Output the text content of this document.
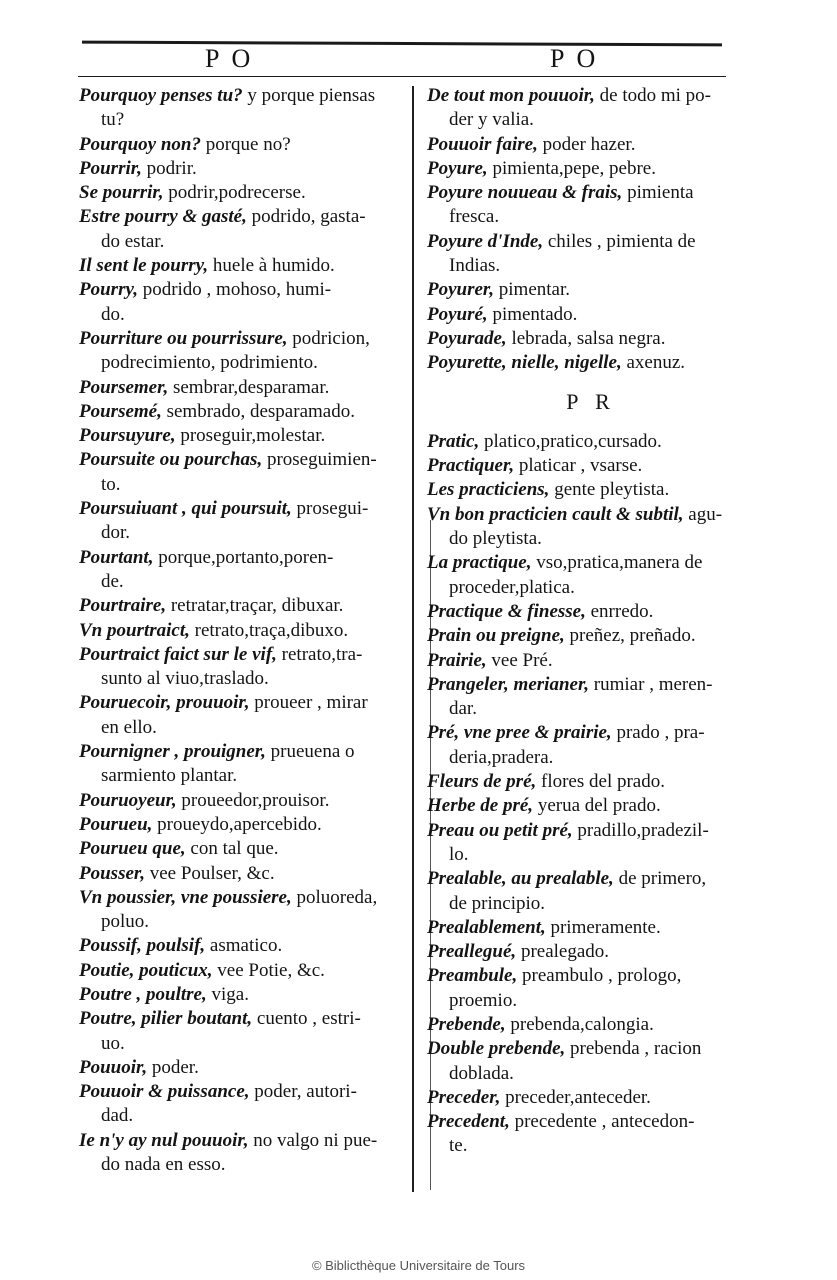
PO	PO
Pourquoy penses tu? y porque piensas
tu?
Pourquoy non? porque no?
Pourrir, podrir.
Se pourrir, podrir,podrecerse.
Estre pourry & gasté, podrido, gasta-
do estar.
Il sent le pourry, huele à humido.
Pourry, podrido , mohoso, humi-
do.
Pourriture ou pourrissure, podricion,
podrecimiento, podrimiento.
Poursemer, sembrar,desparamar.
Poursemé, sembrado, desparamado.
Poursuyure, proseguir,molestar.
Poursuite ou pourchas, proseguimien-
to.
Poursuiuant , qui poursuit, prosegui-
dor.
Pourtant, porque,portanto,poren-
de.
Pourtraire, retratar,traçar, dibuxar.
Vn pourtraict, retrato,traça,dibuxo.
Pourtraict faict sur le vif, retrato,tra-
sunto al viuo,traslado.
Pouruecoir, prouuoir, proueer , mirar
en ello.
Pournigner , prouigner, prueuena o
sarmiento plantar.
Pouruoyeur, proueedor,prouisor.
Pourueu, proueydo,apercebido.
Pourueu que, con tal que.
Pousser, vee Poulser, &c.
Vn poussier, vne poussiere, poluoreda,
poluo.
Poussif, poulsif, asmatico.
Poutie, pouticux, vee Potie, &c.
Poutre , poultre, viga.
Poutre, pilier boutant, cuento , estri-
uo.
Pouuoir, poder.
Pouuoir & puissance, poder, autori-
dad.
Ie n'y ay nul pouuoir, no valgo ni pue-
do nada en esso.
De tout mon pouuoir, de todo mi po-
der y valia.
Pouuoir faire, poder hazer.
Poyure, pimienta,pepe, pebre.
Poyure nouueau & frais, pimienta
fresca.
Poyure d'Inde, chiles , pimienta de
Indias.
Poyurer, pimentar.
Poyuré, pimentado.
Poyurade, lebrada, salsa negra.
Poyurette, nielle, nigelle, axenuz.
P R
Pratic, platico,pratico,cursado.
Practiquer, platicar , vsarse.
Les practiciens, gente pleytista.
Vn bon practicien cault & subtil, agu-
do pleytista.
La practique, vso,pratica,manera de
proceder,platica.
Practique & finesse, enrredo.
Prain ou preigne, preñez, preñado.
Prairie, vee Pré.
Prangeler, merianer, rumiar , meren-
dar.
Pré, vne pree & prairie, prado , pra-
deria,pradera.
Fleurs de pré, flores del prado.
Herbe de pré, yerua del prado.
Preau ou petit pré, pradillo,pradezil-
lo.
Prealable, au prealable, de primero,
de principio.
Prealablement, primeramente.
Preallegué, prealegado.
Preambule, preambulo , prologo,
proemio.
Prebende, prebenda,calongia.
Double prebende, prebenda , racion
doblada.
Preceder, preceder,anteceder.
Precedent, precedente , antecedon-
te.
© Biblicthèque Universitaire de Tours
